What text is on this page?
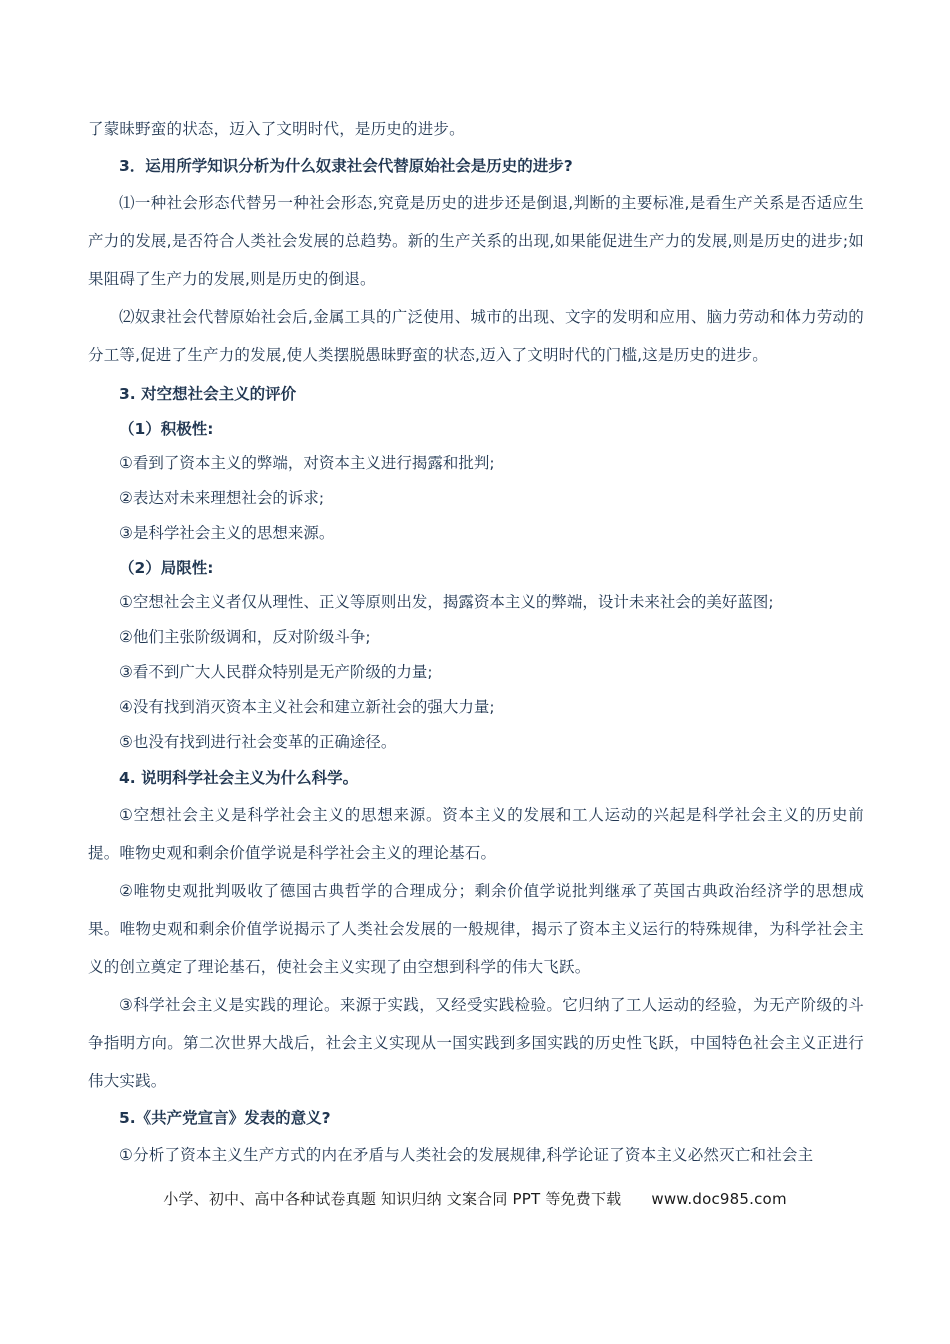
了蒙昧野蛮的状态，迈入了文明时代，是历史的进步。

3．运用所学知识分析为什么奴隶社会代替原始社会是历史的进步?

⑴一种社会形态代替另一种社会形态,究竟是历史的进步还是倒退,判断的主要标准,是看生产关系是否适应生产力的发展,是否符合人类社会发展的总趋势。新的生产关系的出现,如果能促进生产力的发展,则是历史的进步;如果阻碍了生产力的发展,则是历史的倒退。

⑵奴隶社会代替原始社会后,金属工具的广泛使用、城市的出现、文字的发明和应用、脑力劳动和体力劳动的分工等,促进了生产力的发展,使人类摆脱愚昧野蛮的状态,迈入了文明时代的门槛,这是历史的进步。

3. 对空想社会主义的评价

（1）积极性:

①看到了资本主义的弊端，对资本主义进行揭露和批判;

②表达对未来理想社会的诉求;

③是科学社会主义的思想来源。

（2）局限性:

①空想社会主义者仅从理性、正义等原则出发，揭露资本主义的弊端，设计未来社会的美好蓝图;

②他们主张阶级调和，反对阶级斗争;

③看不到广大人民群众特别是无产阶级的力量;

④没有找到消灭资本主义社会和建立新社会的强大力量;

⑤也没有找到进行社会变革的正确途径。

4. 说明科学社会主义为什么科学。

①空想社会主义是科学社会主义的思想来源。资本主义的发展和工人运动的兴起是科学社会主义的历史前提。唯物史观和剩余价值学说是科学社会主义的理论基石。

②唯物史观批判吸收了德国古典哲学的合理成分；剩余价值学说批判继承了英国古典政治经济学的思想成果。唯物史观和剩余价值学说揭示了人类社会发展的一般规律，揭示了资本主义运行的特殊规律，为科学社会主义的创立奠定了理论基石，使社会主义实现了由空想到科学的伟大飞跃。

③科学社会主义是实践的理论。来源于实践，又经受实践检验。它归纳了工人运动的经验，为无产阶级的斗争指明方向。第二次世界大战后，社会主义实现从一国实践到多国实践的历史性飞跃，中国特色社会主义正进行伟大实践。

5.《共产党宣言》发表的意义?

①分析了资本主义生产方式的内在矛盾与人类社会的发展规律,科学论证了资本主义必然灭亡和社会主

小学、初中、高中各种试卷真题 知识归纳 文案合同 PPT 等免费下载 www.doc985.com
